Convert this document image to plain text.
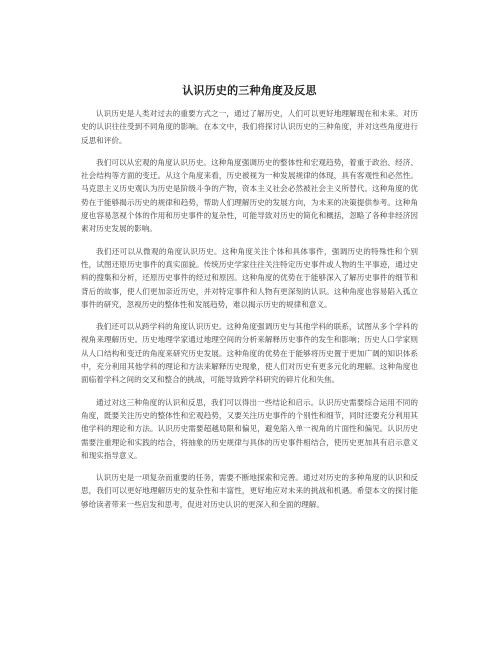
认识历史的三种角度及反思

认识历史是人类对过去的重要方式之一，通过了解历史，人们可以更好地理解现在和未来。对历史的认识往往受到不同角度的影响。在本文中，我们将探讨认识历史的三种角度，并对这些角度进行反思和评价。

我们可以从宏观的角度认识历史。这种角度强调历史的整体性和宏观趋势，着重于政治、经济、社会结构等方面的变迁。从这个角度来看，历史被视为一种发展规律的体现，具有客观性和必然性。马克思主义历史观认为历史是阶级斗争的产物，资本主义社会必然被社会主义所替代。这种角度的优势在于能够揭示历史的规律和趋势，帮助人们理解历史的发展方向，为未来的决策提供参考。这种角度也容易忽视个体的作用和历史事件的复杂性，可能导致对历史的简化和概括，忽略了各种非经济因素对历史发展的影响。

我们还可以从微观的角度认识历史。这种角度关注个体和具体事件，强调历史的特殊性和个别性，试图还原历史事件的真实面貌。传统历史学家往往关注特定历史事件或人物的生平事迹，通过史料的搜集和分析，还原历史事件的经过和原因。这种角度的优势在于能够深入了解历史事件的细节和背后的故事，使人们更加亲近历史，并对特定事件和人物有更深刻的认识。这种角度也容易陷入孤立事件的研究，忽视历史的整体性和发展趋势，难以揭示历史的规律和意义。

我们还可以从跨学科的角度认识历史。这种角度强调历史与其他学科的联系，试图从多个学科的视角来理解历史。历史地理学家通过地理空间的分析来解释历史事件的发生和影响；历史人口学家则从人口结构和变迁的角度来研究历史发展。这种角度的优势在于能够将历史置于更加广阔的知识体系中，充分利用其他学科的理论和方法来解释历史现象，使人们对历史有更多元化的理解。这种角度也面临着学科之间的交叉和整合的挑战，可能导致跨学科研究的碎片化和失焦。

通过对这三种角度的认识和反思，我们可以得出一些结论和启示。认识历史需要综合运用不同的角度，既要关注历史的整体性和宏观趋势，又要关注历史事件的个别性和细节，同时还要充分利用其他学科的理论和方法。认识历史需要超越局限和偏见，避免陷入单一视角的片面性和偏见。认识历史需要注重理论和实践的结合，将抽象的历史规律与具体的历史事件相结合，使历史更加具有启示意义和现实指导意义。

认识历史是一项复杂而重要的任务，需要不断地探索和完善。通过对历史的多种角度的认识和反思，我们可以更好地理解历史的复杂性和丰富性，更好地应对未来的挑战和机遇。希望本文的探讨能够给读者带来一些启发和思考，促进对历史认识的更深入和全面的理解。
